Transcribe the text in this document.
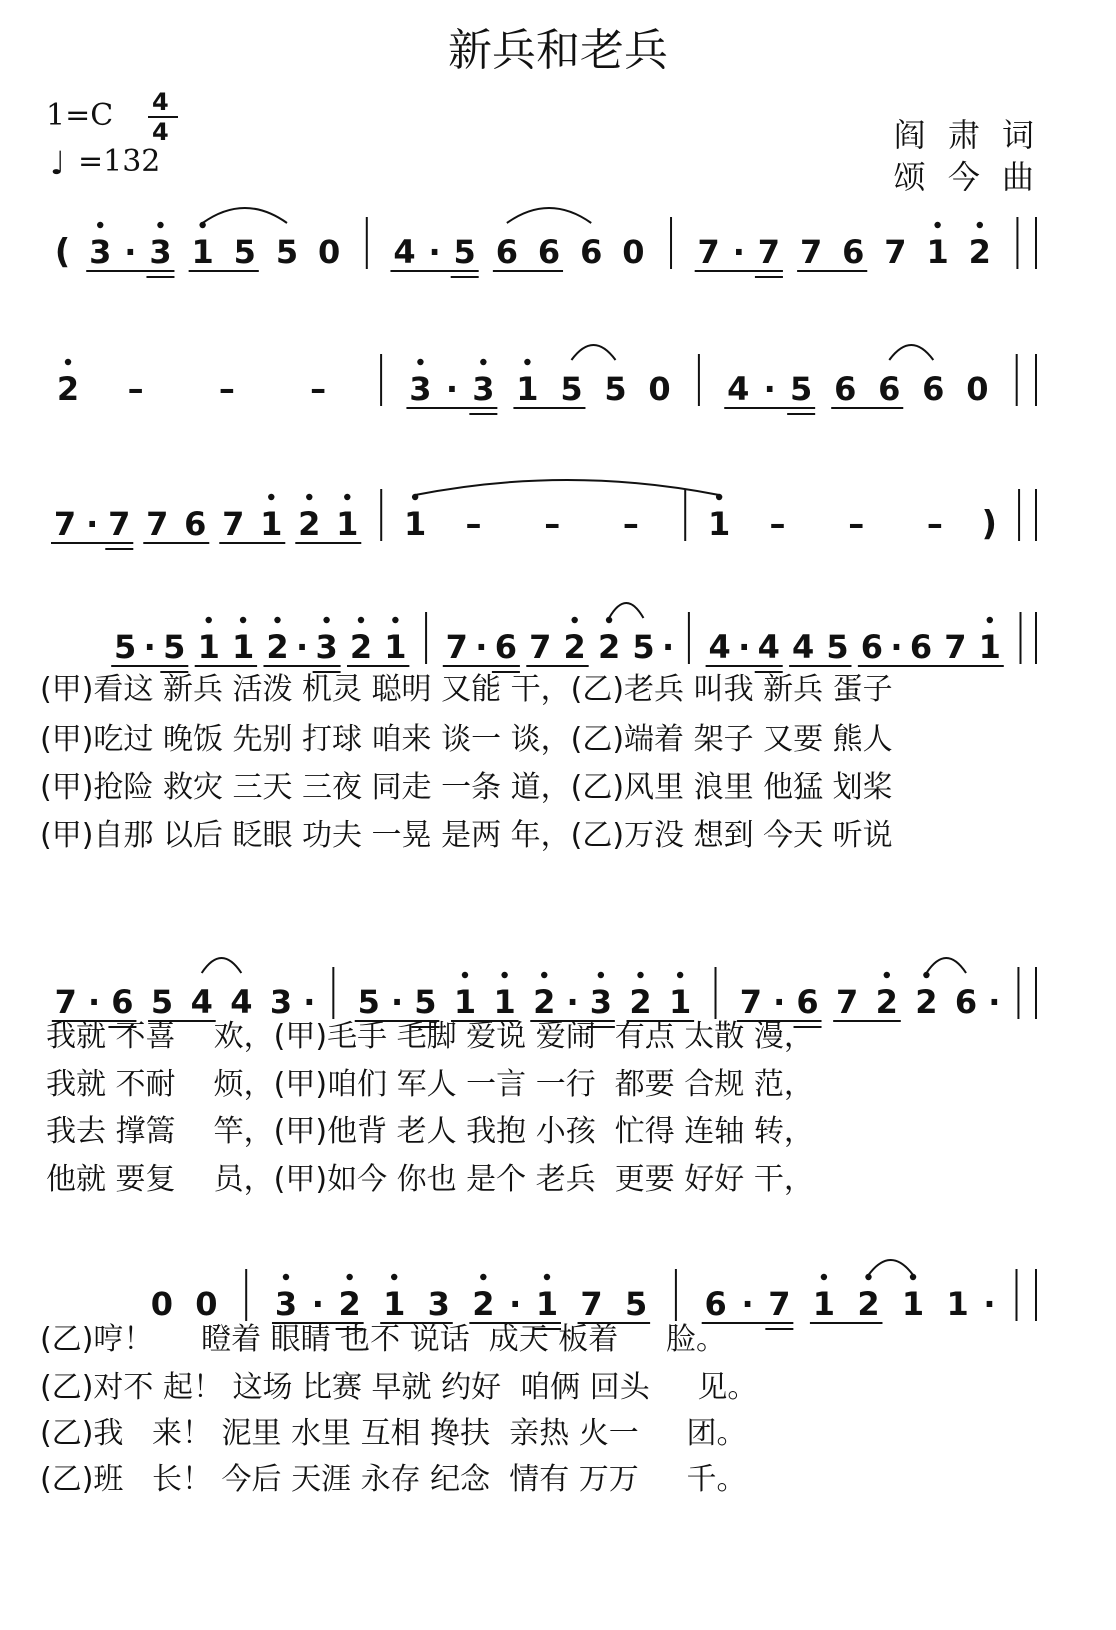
新兵和老兵
1=C 4
4
♩ =132
阎 肃 词
颂 今 曲
( 3 · 3 1 5 5 0 4 · 5 6 6 6 0 7 · 7 7 6 7 1 2
2 – – –	3 · 3 1 5 5 0 4 · 5 6 6 6 0
7 · 7 7 6 7 1 2 1 1 – – – 1 – – – )
5 · 5 1 1 2 · 3 2 1 7 · 6 7 2 2 5 · 4 · 4 4 5 6 · 6 7 1
7 · 6 5 4 4 3 · 5 · 5 1 1 2 · 3 2 1 7 · 6 7 2 2 6 ·
0 0 3 · 2 1 3 2 · 1 7 5 6 · 7 1 2 1 1 ·
(甲)看这 新兵 活泼 机灵 聪明 又能 干，(乙)老兵 叫我 新兵 蛋子
(甲)吃过 晚饭 先别 打球 咱来 谈一 谈，(乙)端着 架子 又要 熊人
(甲)抢险 救灾 三天 三夜 同走 一条 道，(乙)风里 浪里 他猛 划桨
(甲)自那 以后 眨眼 功夫 一晃 是两 年，(乙)万没 想到 今天 听说
我就 不喜    欢，(甲)毛手 毛脚 爱说 爱闹  有点 太散 漫，
我就 不耐    烦，(甲)咱们 军人 一言 一行  都要 合规 范，
我去 撑篙    竿，(甲)他背 老人 我抱 小孩  忙得 连轴 转，
他就 要复    员，(甲)如今 你也 是个 老兵  更要 好好 干，
(乙)哼！     瞪着 眼睛 也不 说话  成天 板着     脸。
(乙)对不 起！ 这场 比赛 早就 约好  咱俩 回头     见。
(乙)我   来！ 泥里 水里 互相 搀扶  亲热 火一     团。
(乙)班   长！ 今后 天涯 永存 纪念  情有 万万     千。
